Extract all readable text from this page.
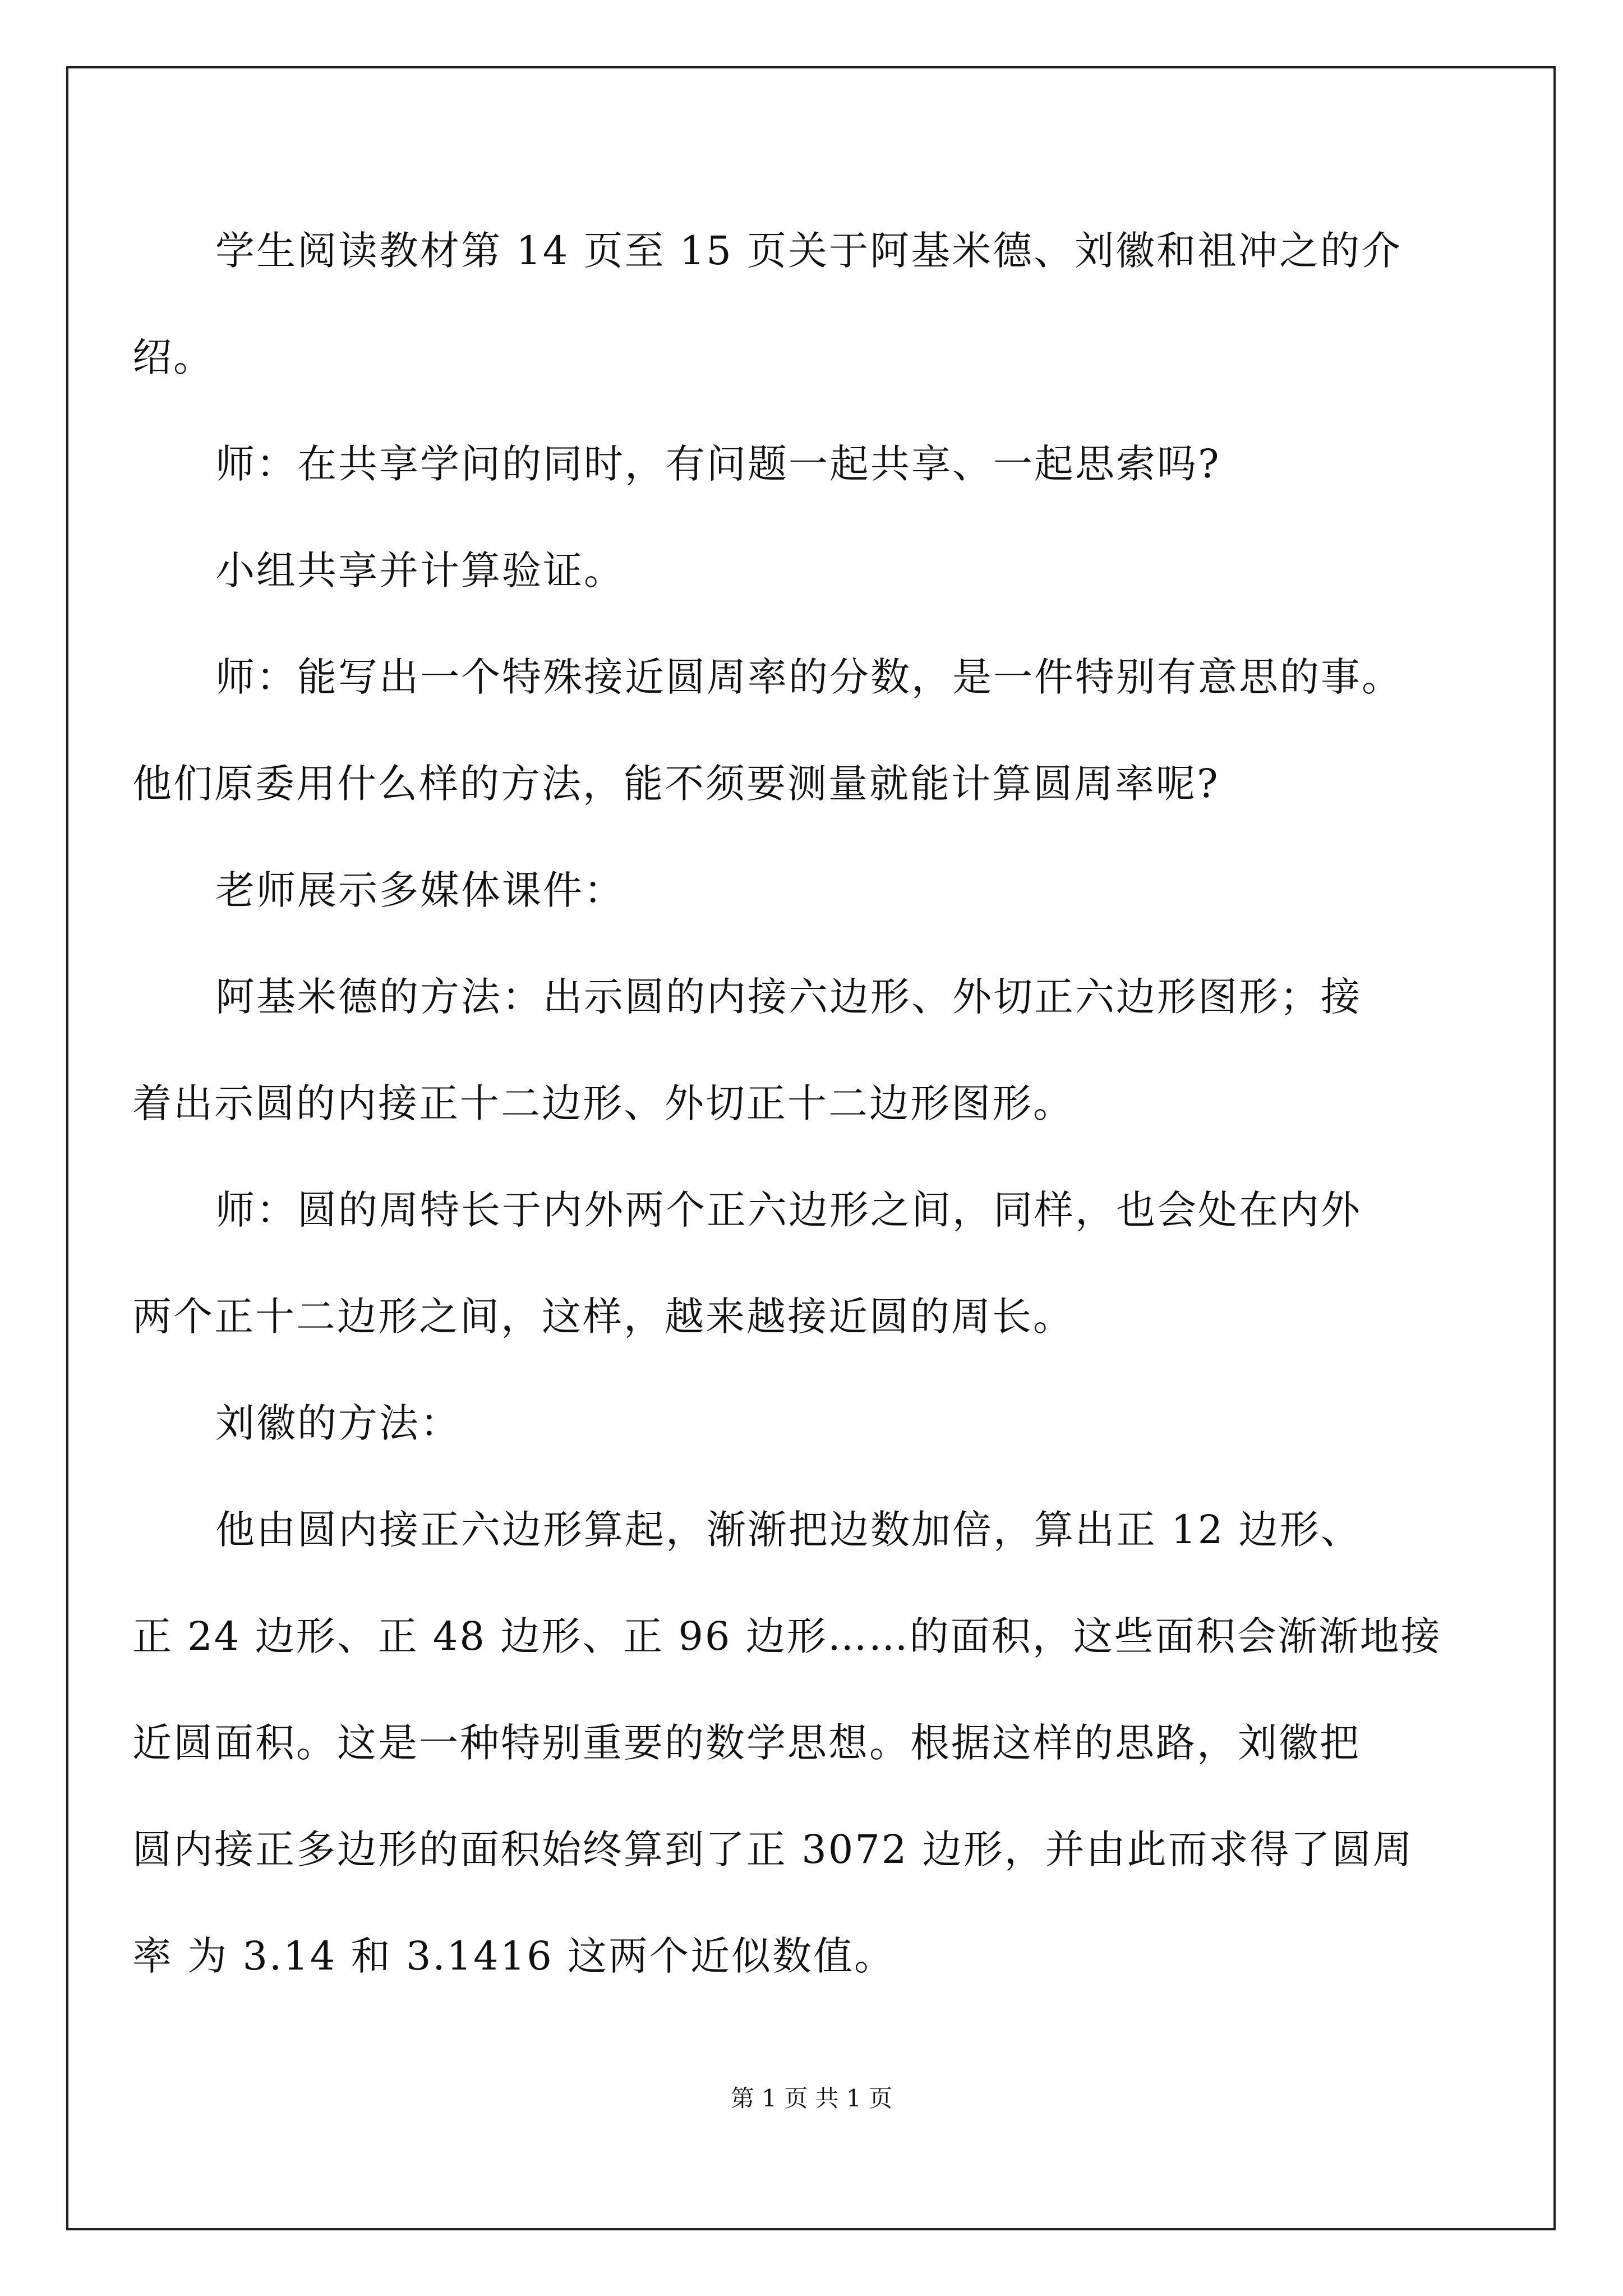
学生阅读教材第 14 页至 15 页关于阿基米德、刘徽和祖冲之的介
绍。
师：在共享学问的同时，有问题一起共享、一起思索吗?
小组共享并计算验证。
师：能写出一个特殊接近圆周率的分数，是一件特别有意思的事。
他们原委用什么样的方法，能不须要测量就能计算圆周率呢?
老师展示多媒体课件：
阿基米德的方法：出示圆的内接六边形、外切正六边形图形；接
着出示圆的内接正十二边形、外切正十二边形图形。
师：圆的周特长于内外两个正六边形之间，同样，也会处在内外
两个正十二边形之间，这样，越来越接近圆的周长。
刘徽的方法：
他由圆内接正六边形算起，渐渐把边数加倍，算出正 12 边形、
正 24 边形、正 48 边形、正 96 边形……的面积，这些面积会渐渐地接
近圆面积。这是一种特别重要的数学思想。根据这样的思路，刘徽把
圆内接正多边形的面积始终算到了正 3072 边形，并由此而求得了圆周
率 为 3.14 和 3.1416 这两个近似数值。
第 1 页 共 1 页
